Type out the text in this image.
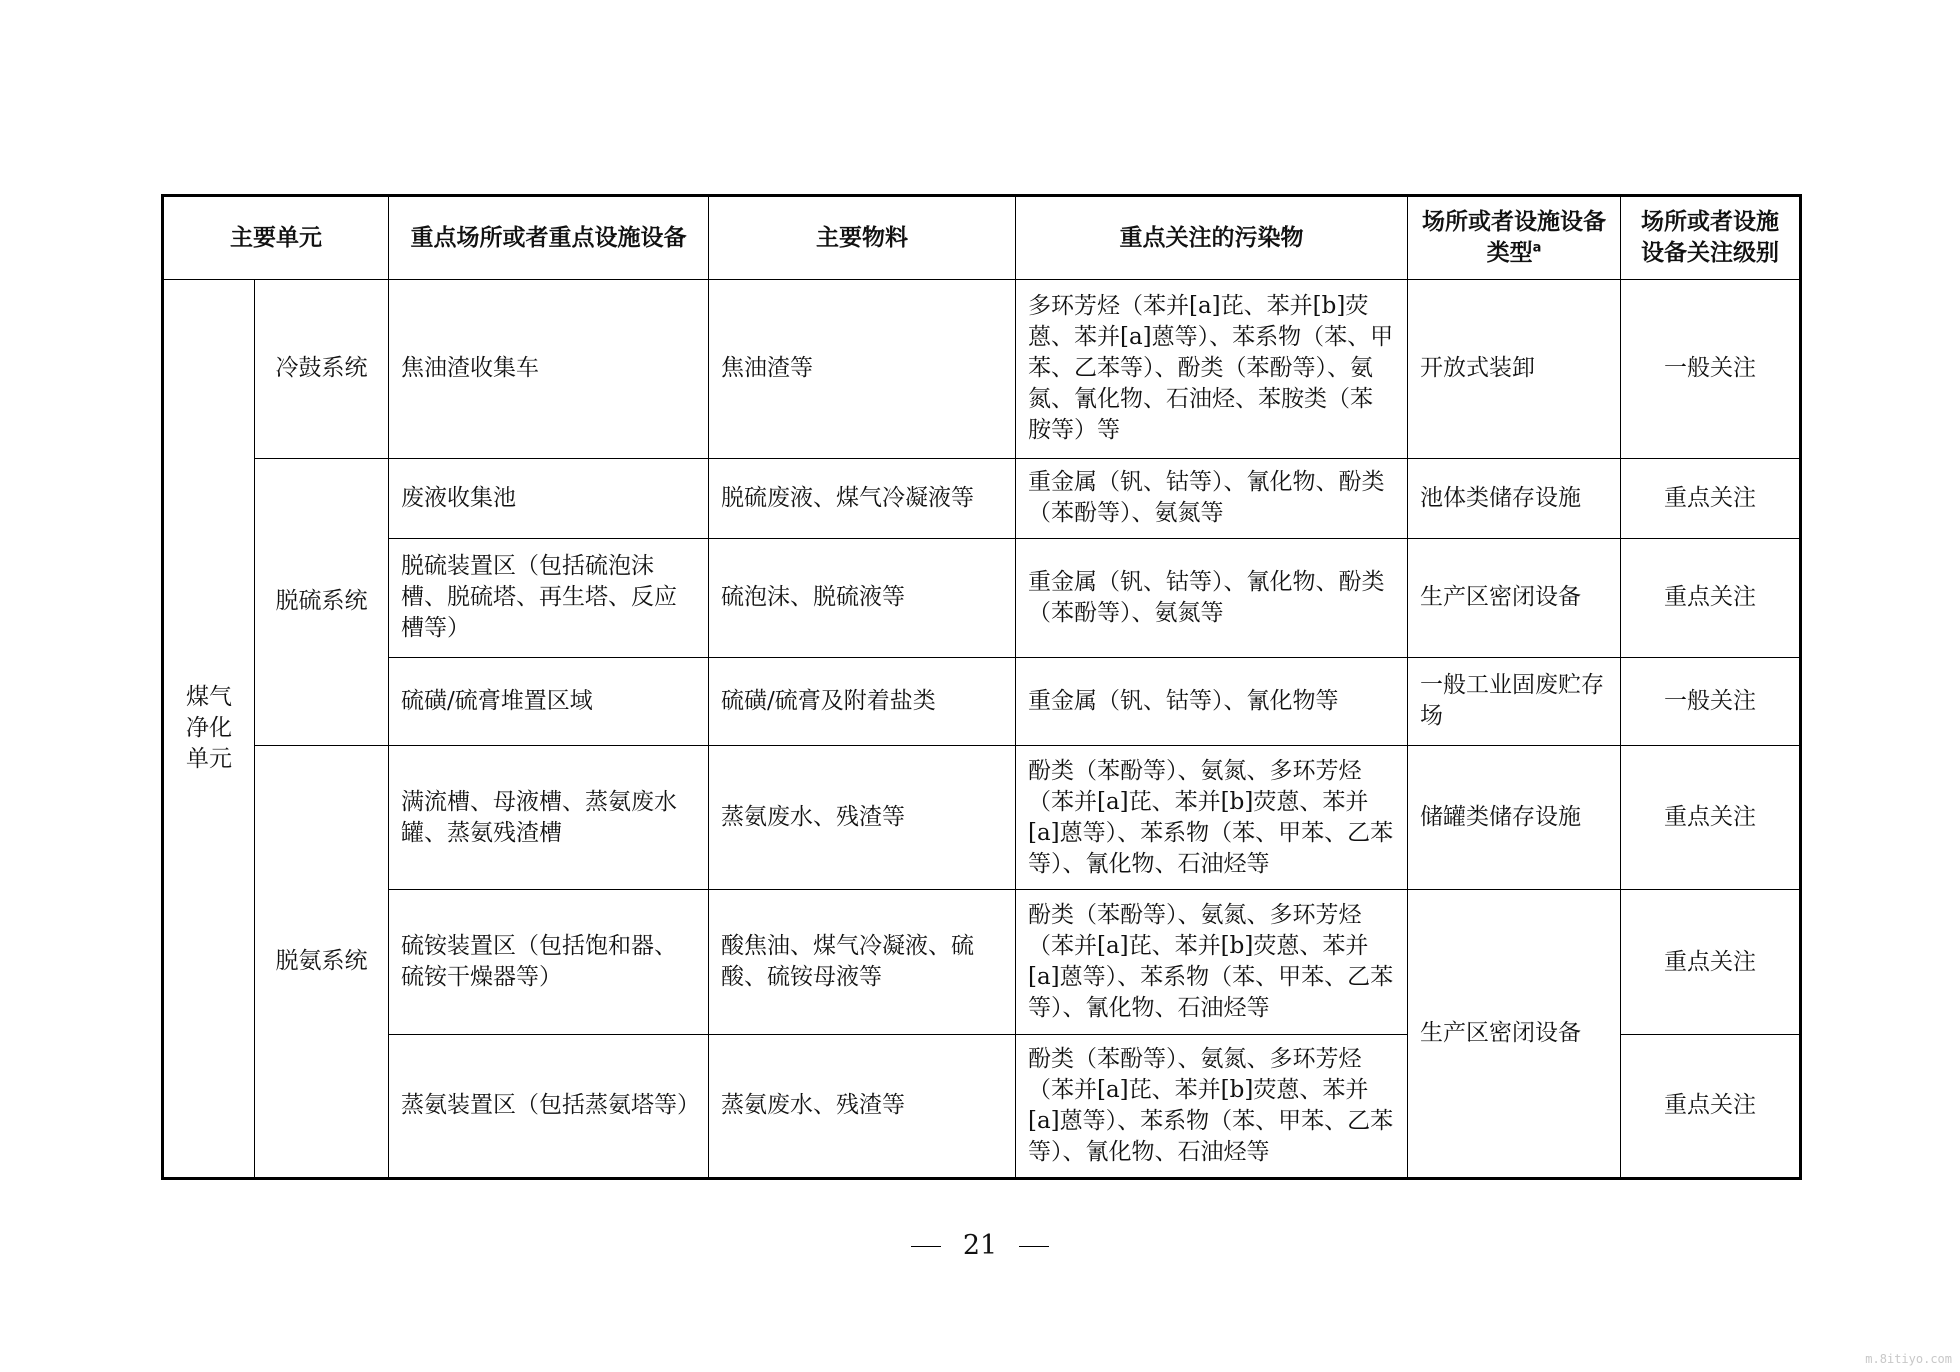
主要单元		重点场所或者重点设施设备	主要物料	重点关注的污染物	场所或者设施设备类型$^a$	场所或者设施设备关注级别
煤气净化单元	冷鼓系统	焦油渣收集车	焦油渣等	多环芳烃（苯并[a]芘、苯并[b]荧蒽、苯并[a]蒽等）、苯系物（苯、甲苯、乙苯等）、酚类（苯酚等）、氨氮、氰化物、石油烃、苯胺类（苯胺等）等	开放式装卸	一般关注
	脱硫系统	废液收集池	脱硫废液、煤气冷凝液等	重金属（钒、钴等）、氰化物、酚类（苯酚等）、氨氮等	池体类储存设施	重点关注
		脱硫装置区（包括硫泡沫槽、脱硫塔、再生塔、反应槽等）	硫泡沫、脱硫液等	重金属（钒、钴等）、氰化物、酚类（苯酚等）、氨氮等	生产区密闭设备	重点关注
		硫磺/硫膏堆置区域	硫磺/硫膏及附着盐类	重金属（钒、钴等）、氰化物等	一般工业固废贮存场	一般关注
	脱氨系统	满流槽、母液槽、蒸氨废水罐、蒸氨残渣槽	蒸氨废水、残渣等	酚类（苯酚等）、氨氮、多环芳烃（苯并[a]芘、苯并[b]荧蒽、苯并[a]蒽等）、苯系物（苯、甲苯、乙苯等）、氰化物、石油烃等	储罐类储存设施	重点关注
		硫铵装置区（包括饱和器、硫铵干燥器等）	酸焦油、煤气冷凝液、硫酸、硫铵母液等	酚类（苯酚等）、氨氮、多环芳烃（苯并[a]芘、苯并[b]荧蒽、苯并[a]蒽等）、苯系物（苯、甲苯、乙苯等）、氰化物、石油烃等	生产区密闭设备	重点关注
		蒸氨装置区（包括蒸氨塔等）	蒸氨废水、残渣等	酚类（苯酚等）、氨氮、多环芳烃（苯并[a]芘、苯并[b]荧蒽、苯并[a]蒽等）、苯系物（苯、甲苯、乙苯等）、氰化物、石油烃等		重点关注
21
m.8itiyo.com
